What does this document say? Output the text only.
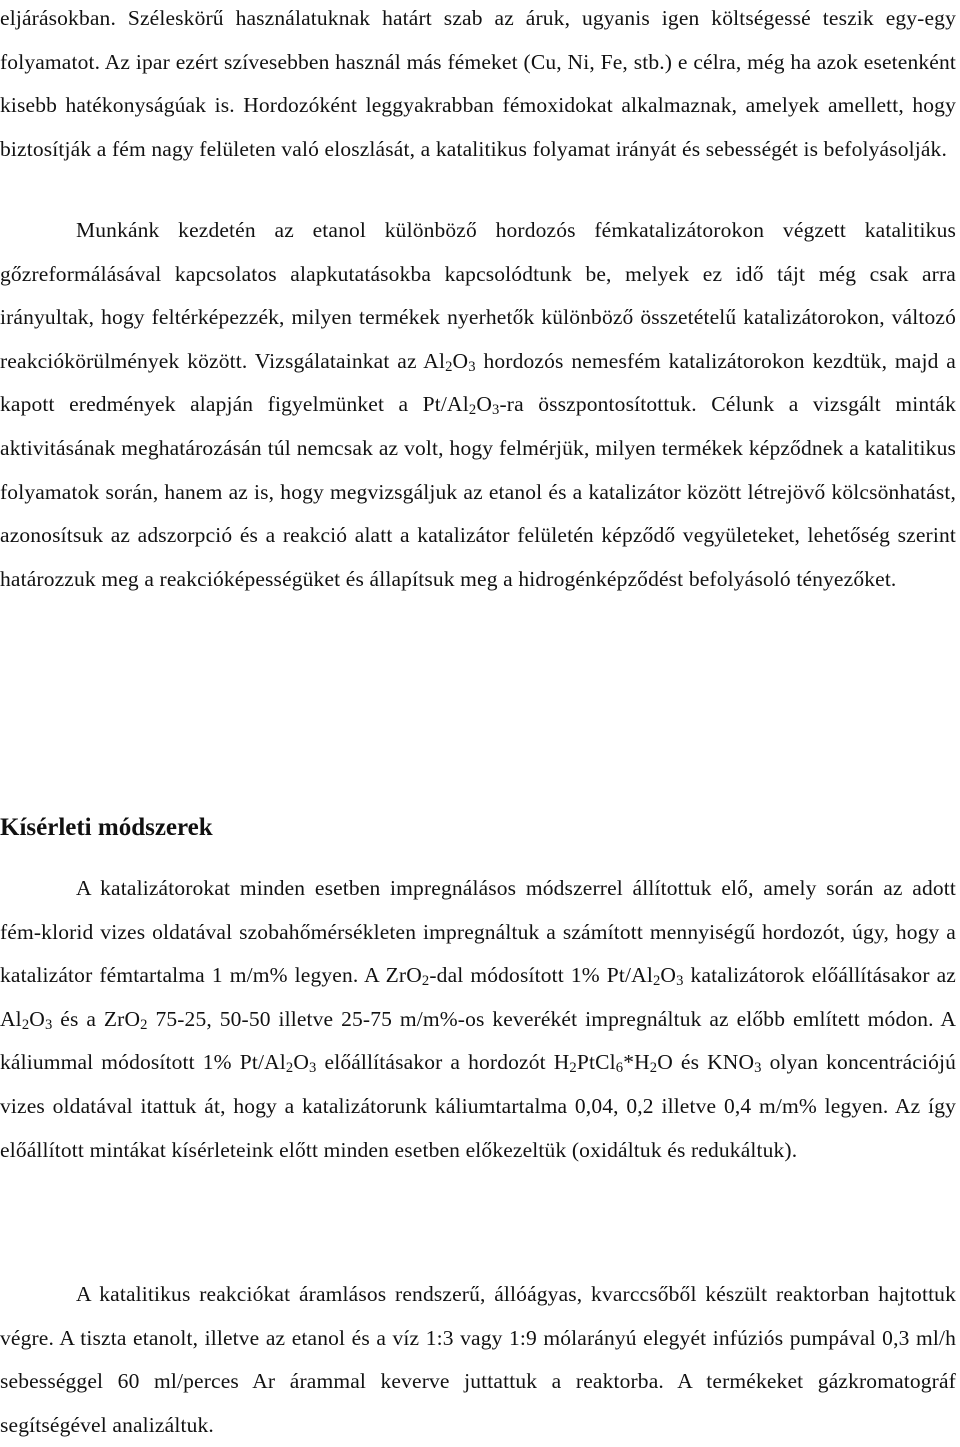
eljárásokban. Széleskörű használatuknak határt szab az áruk, ugyanis igen költségessé teszik egy-egy folyamatot. Az ipar ezért szívesebben használ más fémeket (Cu, Ni, Fe, stb.) e célra, még ha azok esetenként kisebb hatékonyságúak is. Hordozóként leggyakrabban fémoxidokat alkalmaznak, amelyek amellett, hogy biztosítják a fém nagy felületen való eloszlását, a katalitikus folyamat irányát és sebességét is befolyásolják.

Munkánk kezdetén az etanol különböző hordozós fémkatalizátorokon végzett katalitikus gőzreformálásával kapcsolatos alapkutatásokba kapcsolódtunk be, melyek ez idő tájt még csak arra irányultak, hogy feltérképezzék, milyen termékek nyerhetők különböző összetételű katalizátorokon, változó reakciókörülmények között. Vizsgálatainkat az $Al_2O_3$ hordozós nemesfém katalizátorokon kezdtük, majd a kapott eredmények alapján figyelmünket a $Pt/Al_2O_3-ra$ összpontosítottuk. Célunk a vizsgált minták aktivitásának meghatározásán túl nemcsak az volt, hogy felmérjük, milyen termékek képződnek a katalitikus folyamatok során, hanem az is, hogy megvizsgáljuk az etanol és a katalizátor között létrejövő kölcsönhatást, azonosítsuk az adszorpció és a reakció alatt a katalizátor felületén képződő vegyületeket, lehetőség szerint határozzuk meg a reakcióképességüket és állapítsuk meg a hidrogénképződést befolyásoló tényezőket.

Kísérleti módszerek

A katalizátorokat minden esetben impregnálásos módszerrel állítottuk elő, amely során az adott fém-klorid vizes oldatával szobahőmérsékleten impregnáltuk a számított mennyiségű hordozót, úgy, hogy a katalizátor fémtartalma 1 m/m% legyen. A ZrO$_2$-dal módosított 1% $Pt/Al_2O_3$ katalizátorok előállításakor az $Al_2O_3$ és a ZrO$_2$ 75-25, 50-50 illetve 25-75 m/m%-os keverékét impregnáltuk az előbb említett módon. A káliummal módosított 1% $Pt/Al_2O_3$ előállításakor a hordozót $H_2PtCl_6*H_2O$ és $KNO_3$ olyan koncentrációjú vizes oldatával itattuk át, hogy a katalizátorunk káliumtartalma 0,04, 0,2 illetve 0,4 m/m% legyen. Az így előállított mintákat kísérleteink előtt minden esetben előkezeltük (oxidáltuk és redukáltuk).

A katalitikus reakciókat áramlásos rendszerű, állóágyas, kvarccsőből készült reaktorban hajtottuk végre. A tiszta etanolt, illetve az etanol és a víz 1:3 vagy 1:9 mólarányú elegyét infúziós pumpával 0,3 ml/h sebességgel 60 ml/perces Ar árammal keverve juttattuk a reaktorba. A termékeket gázkromatográf segítségével analizáltuk.
